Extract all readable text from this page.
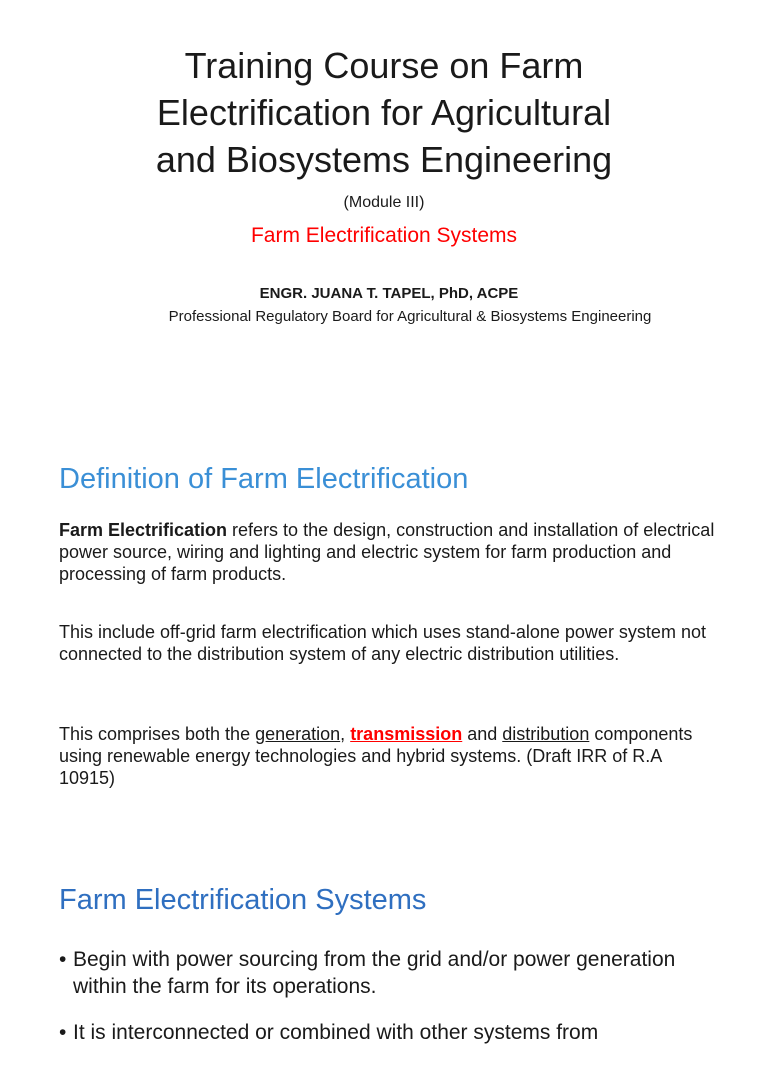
Training Course on Farm
Electrification for Agricultural
and Biosystems Engineering
(Module III)
Farm Electrification Systems
ENGR. JUANA T. TAPEL, PhD, ACPE
Professional Regulatory Board for Agricultural & Biosystems Engineering
Definition of Farm Electrification
Farm Electrification refers to the design, construction and installation of electrical power source, wiring and lighting and electric system for farm production and processing of farm products.
This include off-grid farm electrification which uses stand-alone power system not connected to the distribution system of any electric distribution utilities.
This comprises both the generation, transmission and distribution components using renewable energy technologies and hybrid systems. (Draft IRR of R.A 10915)
Farm Electrification Systems
• Begin with power sourcing from the grid and/or power generation within the farm for its operations.
• It is interconnected or combined with other systems from
